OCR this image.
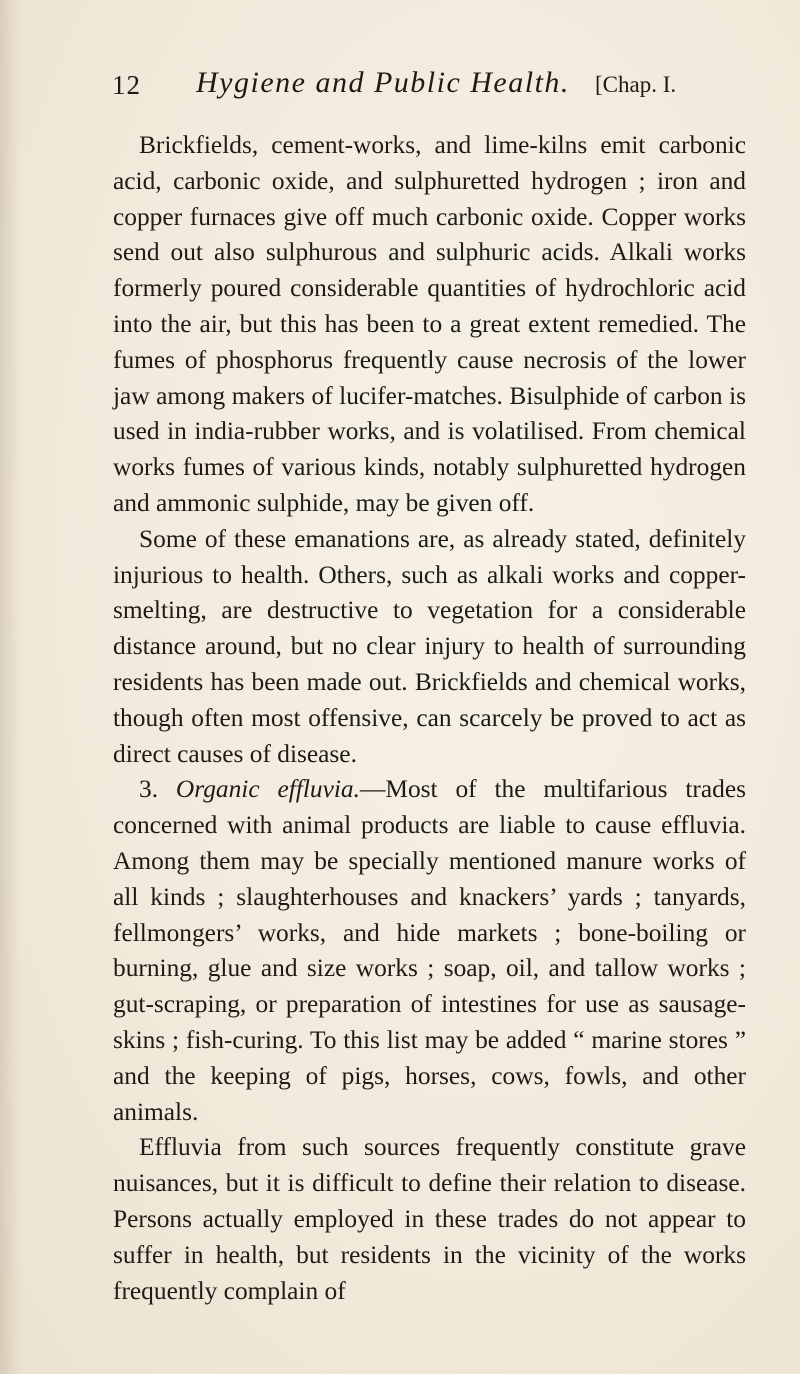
12 Hygiene and Public Health. [Chap. I.

Brickfields, cement-works, and lime-kilns emit carbonic acid, carbonic oxide, and sulphuretted hydrogen ; iron and copper furnaces give off much carbonic oxide. Copper works send out also sulphurous and sulphuric acids. Alkali works formerly poured considerable quantities of hydrochloric acid into the air, but this has been to a great extent remedied. The fumes of phosphorus frequently cause necrosis of the lower jaw among makers of lucifer-matches. Bisulphide of carbon is used in india-rubber works, and is volatilised. From chemical works fumes of various kinds, notably sulphuretted hydrogen and ammonic sulphide, may be given off.

Some of these emanations are, as already stated, definitely injurious to health. Others, such as alkali works and copper-smelting, are destructive to vegetation for a considerable distance around, but no clear injury to health of surrounding residents has been made out. Brickfields and chemical works, though often most offensive, can scarcely be proved to act as direct causes of disease.

3. Organic effluvia.—Most of the multifarious trades concerned with animal products are liable to cause effluvia. Among them may be specially mentioned manure works of all kinds ; slaughterhouses and knackers’ yards ; tanyards, fellmongers’ works, and hide markets ; bone-boiling or burning, glue and size works ; soap, oil, and tallow works ; gut-scraping, or preparation of intestines for use as sausage-skins ; fish-curing. To this list may be added “ marine stores ” and the keeping of pigs, horses, cows, fowls, and other animals.

Effluvia from such sources frequently constitute grave nuisances, but it is difficult to define their relation to disease. Persons actually employed in these trades do not appear to suffer in health, but residents in the vicinity of the works frequently complain of
